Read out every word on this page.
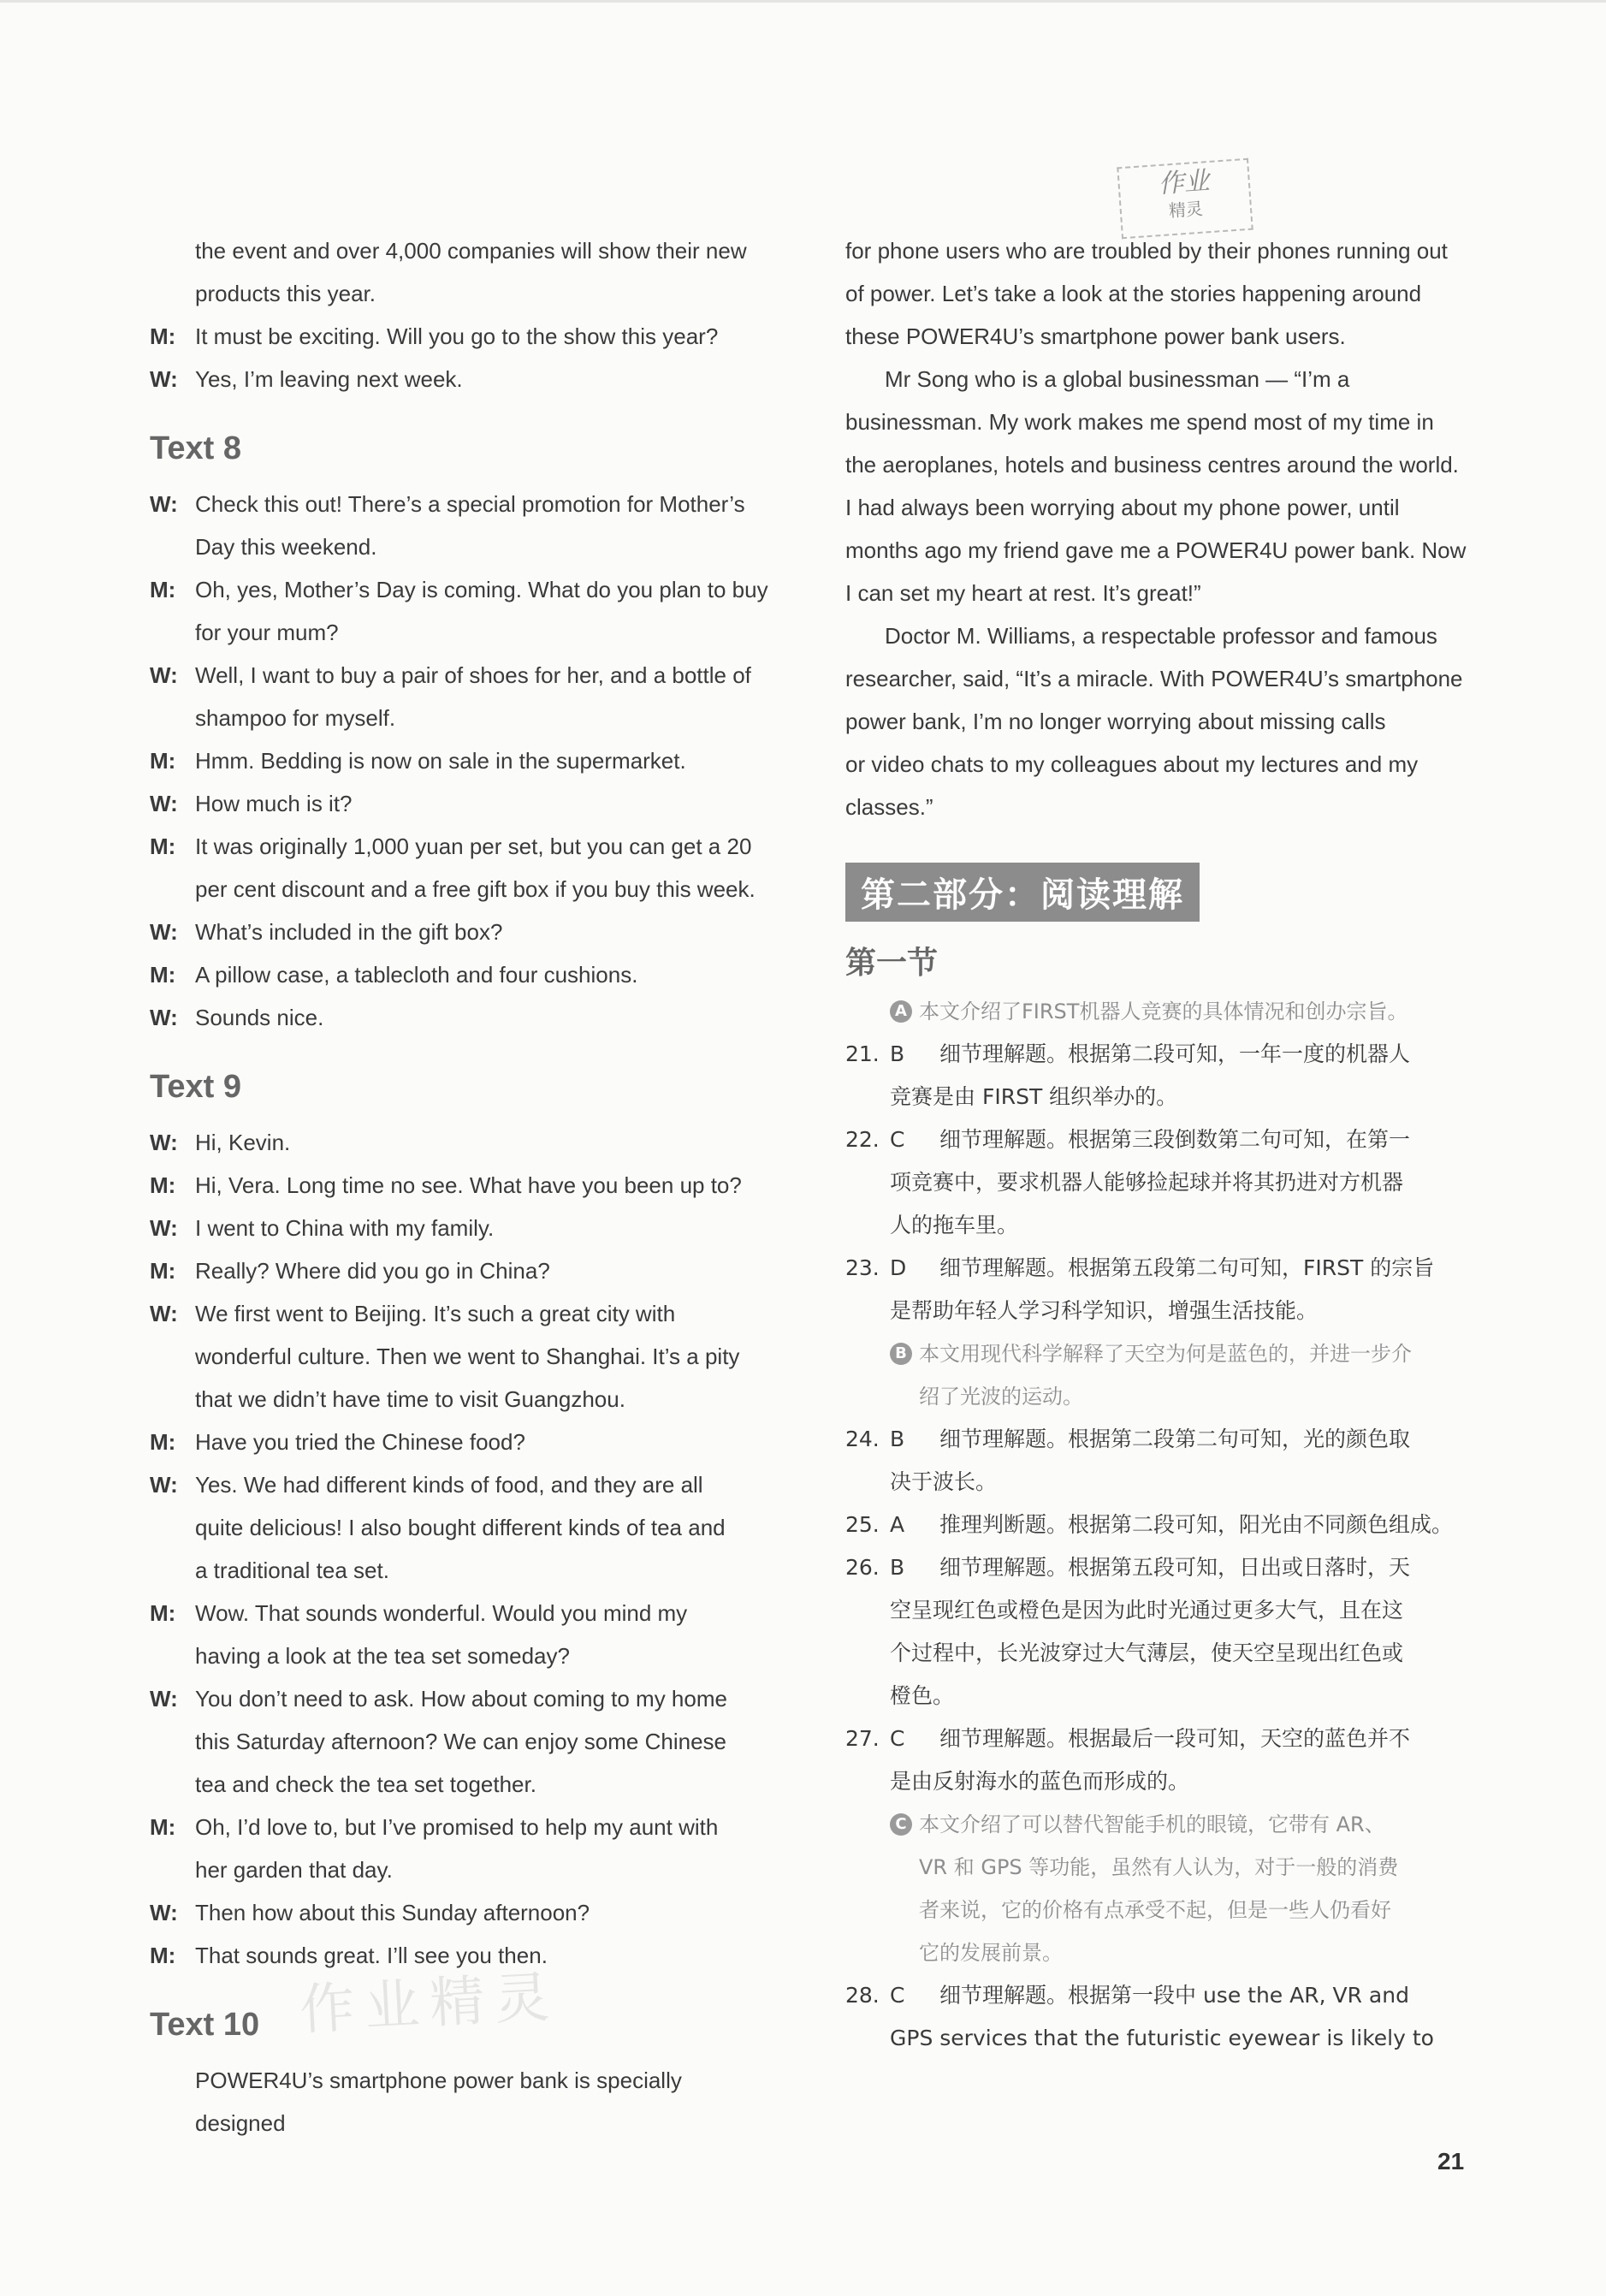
作业
精灵
作业精灵
the event and over 4,000 companies will show their new
products this year.
M: It must be exciting. Will you go to the show this year?
W: Yes, I’m leaving next week.
Text 8
W: Check this out! There’s a special promotion for Mother’s
Day this weekend.
M: Oh, yes, Mother’s Day is coming. What do you plan to buy
for your mum?
W: Well, I want to buy a pair of shoes for her, and a bottle of
shampoo for myself.
M: Hmm. Bedding is now on sale in the supermarket.
W: How much is it?
M: It was originally 1,000 yuan per set, but you can get a 20
per cent discount and a free gift box if you buy this week.
W: What’s included in the gift box?
M: A pillow case, a tablecloth and four cushions.
W: Sounds nice.
Text 9
W: Hi, Kevin.
M: Hi, Vera. Long time no see. What have you been up to?
W: I went to China with my family.
M: Really? Where did you go in China?
W: We first went to Beijing. It’s such a great city with
wonderful culture. Then we went to Shanghai. It’s a pity
that we didn’t have time to visit Guangzhou.
M: Have you tried the Chinese food?
W: Yes. We had different kinds of food, and they are all
quite delicious! I also bought different kinds of tea and
a traditional tea set.
M: Wow. That sounds wonderful. Would you mind my
having a look at the tea set someday?
W: You don’t need to ask. How about coming to my home
this Saturday afternoon? We can enjoy some Chinese
tea and check the tea set together.
M: Oh, I’d love to, but I’ve promised to help my aunt with
her garden that day.
W: Then how about this Sunday afternoon?
M: That sounds great. I’ll see you then.
Text 10
POWER4U’s smartphone power bank is specially designed
for phone users who are troubled by their phones running out
of power. Let’s take a look at the stories happening around
these POWER4U’s smartphone power bank users.
Mr Song who is a global businessman — “I’m a
businessman. My work makes me spend most of my time in
the aeroplanes, hotels and business centres around the world.
I had always been worrying about my phone power, until
months ago my friend gave me a POWER4U power bank. Now
I can set my heart at rest. It’s great!”
Doctor M. Williams, a respectable professor and famous
researcher, said, “It’s a miracle. With POWER4U’s smartphone
power bank, I’m no longer worrying about missing calls
or video chats to my colleagues about my lectures and my
classes.”
第二部分：阅读理解
第一节
A 本文介绍了FIRST机器人竞赛的具体情况和创办宗旨。
21. B	细节理解题。根据第二段可知，一年一度的机器人
竞赛是由 FIRST 组织举办的。
22. C	细节理解题。根据第三段倒数第二句可知，在第一
项竞赛中，要求机器人能够捡起球并将其扔进对方机器
人的拖车里。
23. D	细节理解题。根据第五段第二句可知，FIRST 的宗旨
是帮助年轻人学习科学知识，增强生活技能。
B 本文用现代科学解释了天空为何是蓝色的，并进一步介
绍了光波的运动。
24. B	细节理解题。根据第二段第二句可知，光的颜色取
决于波长。
25. A	推理判断题。根据第二段可知，阳光由不同颜色组成。
26. B	细节理解题。根据第五段可知，日出或日落时，天
空呈现红色或橙色是因为此时光通过更多大气，且在这
个过程中，长光波穿过大气薄层，使天空呈现出红色或
橙色。
27. C	细节理解题。根据最后一段可知，天空的蓝色并不
是由反射海水的蓝色而形成的。
C 本文介绍了可以替代智能手机的眼镜，它带有 AR、
VR 和 GPS 等功能，虽然有人认为，对于一般的消费
者来说，它的价格有点承受不起，但是一些人仍看好
它的发展前景。
28. C	细节理解题。根据第一段中 use the AR, VR and
GPS services that the futuristic eyewear is likely to
21
